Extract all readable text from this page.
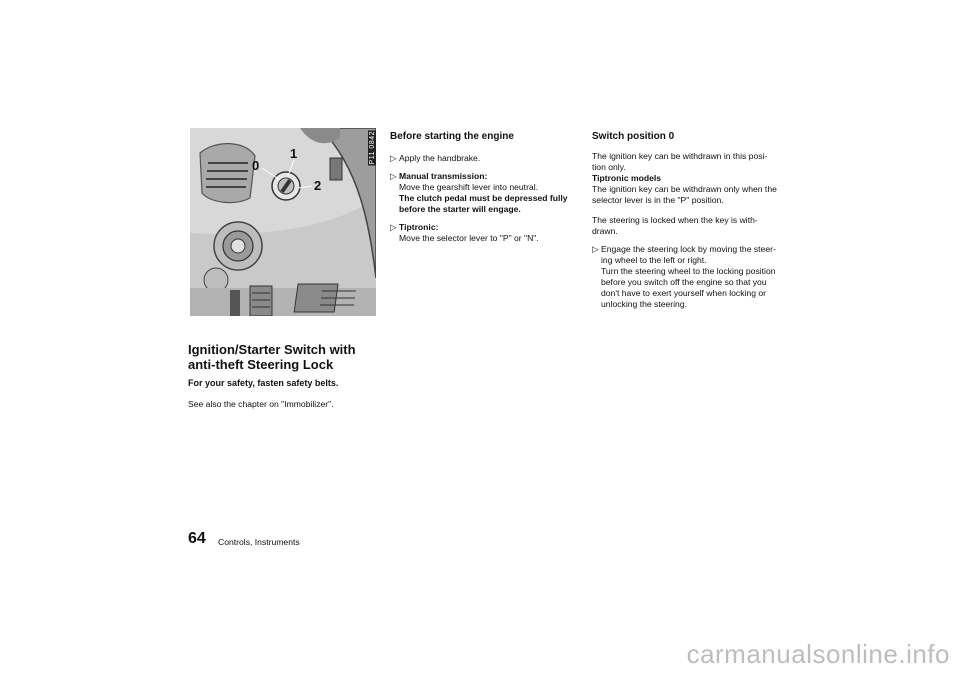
0
1
2
P11 0842
Ignition/Starter Switch with
anti-theft Steering Lock
For your safety, fasten safety belts.
See also the chapter on "Immobilizer".
Before starting the engine
▷ Apply the handbrake.

▷ Manual transmission:

Move the gearshift lever into neutral.

The clutch pedal must be depressed fully

before the starter will engage.

▷ Tiptronic:

Move the selector lever to "P" or "N".

Switch position 0

The ignition key can be withdrawn in this posi-

tion only.

Tiptronic models

The ignition key can be withdrawn only when the

selector lever is in the "P" position.

The steering is locked when the key is with-

drawn.

▷ Engage the steering lock by moving the steer-

ing wheel to the left or right.

Turn the steering wheel to the locking position

before you switch off the engine so that you

don't have to exert yourself when locking or

unlocking the steering.

64 Controls, Instruments
carmanualsonline.info
